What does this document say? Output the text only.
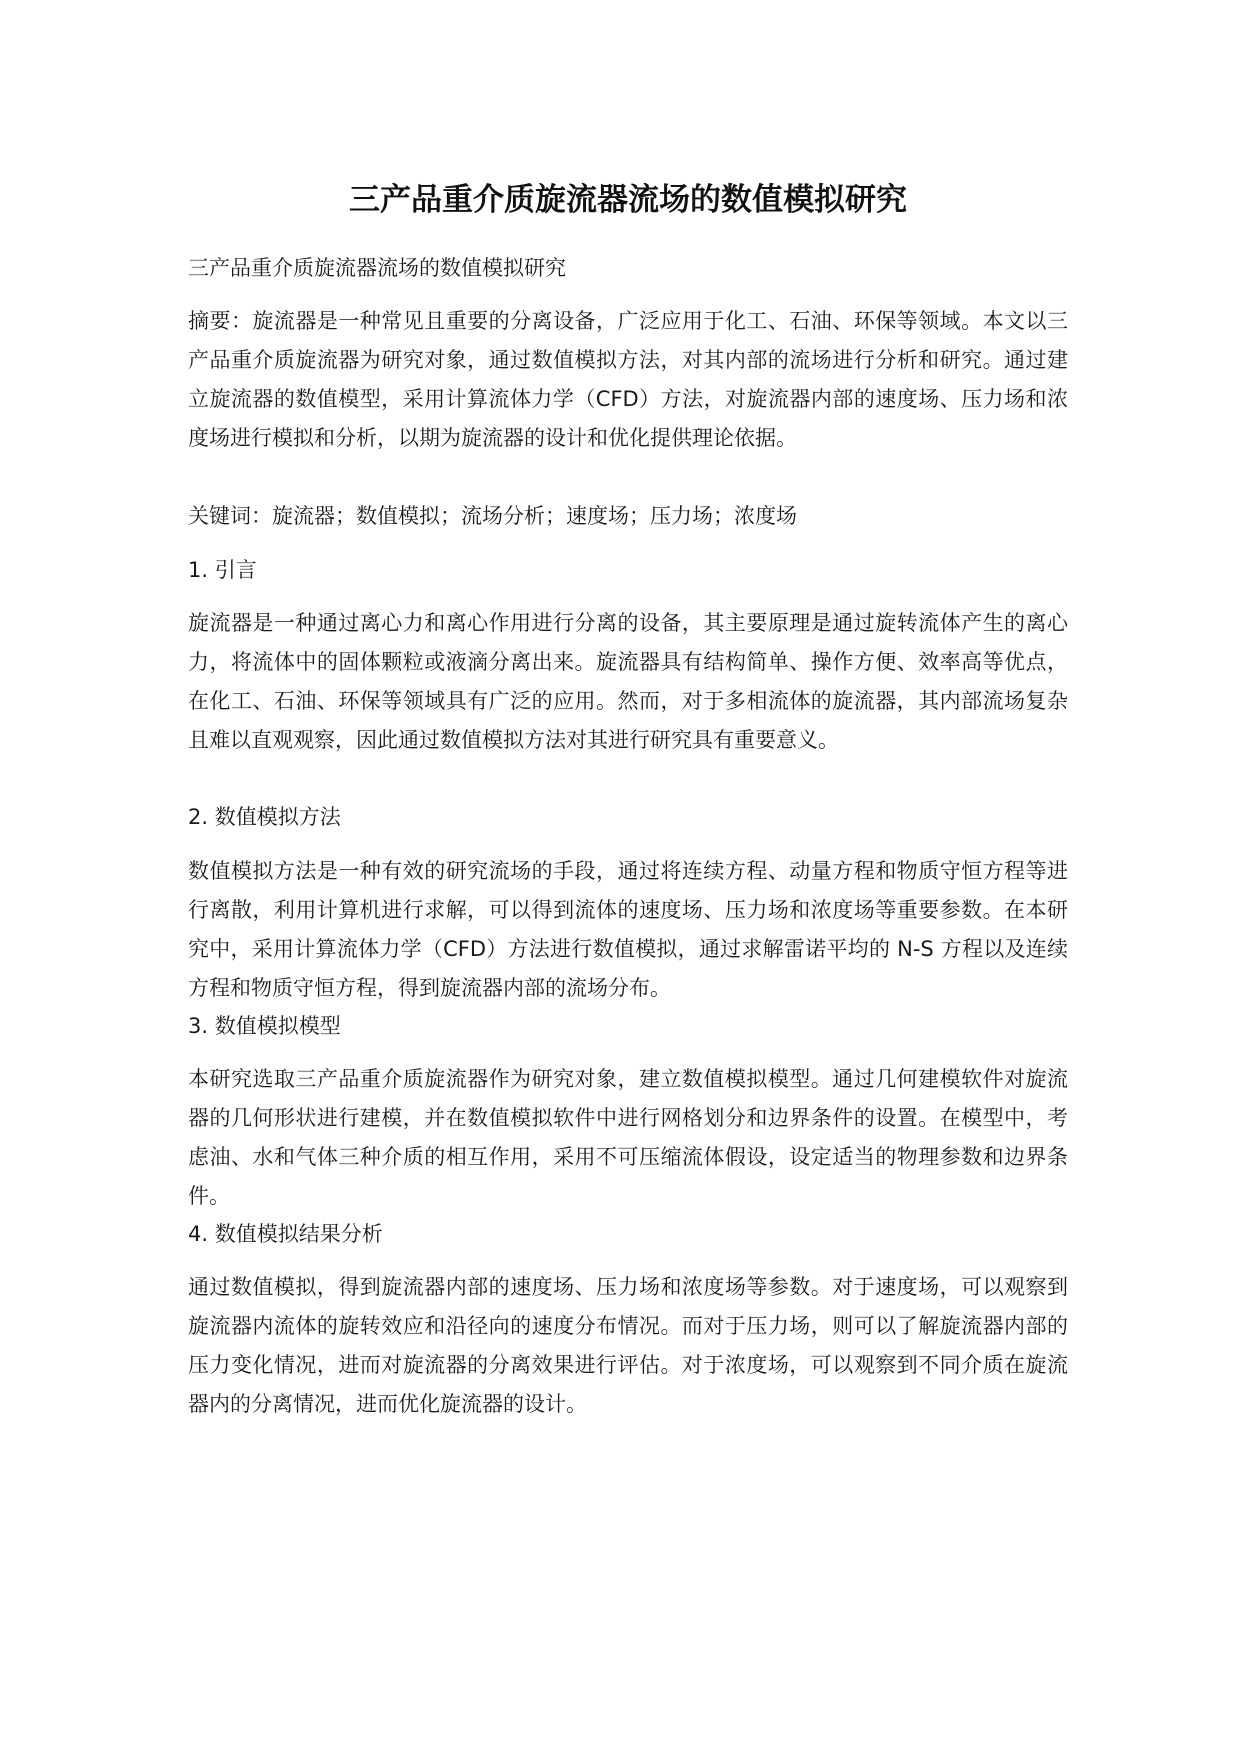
三产品重介质旋流器流场的数值模拟研究

三产品重介质旋流器流场的数值模拟研究

摘要：旋流器是一种常见且重要的分离设备，广泛应用于化工、石油、环保等领域。本文以三产品重介质旋流器为研究对象，通过数值模拟方法，对其内部的流场进行分析和研究。通过建立旋流器的数值模型，采用计算流体力学（CFD）方法，对旋流器内部的速度场、压力场和浓度场进行模拟和分析，以期为旋流器的设计和优化提供理论依据。

关键词：旋流器；数值模拟；流场分析；速度场；压力场；浓度场

1. 引言

旋流器是一种通过离心力和离心作用进行分离的设备，其主要原理是通过旋转流体产生的离心力，将流体中的固体颗粒或液滴分离出来。旋流器具有结构简单、操作方便、效率高等优点，在化工、石油、环保等领域具有广泛的应用。然而，对于多相流体的旋流器，其内部流场复杂且难以直观观察，因此通过数值模拟方法对其进行研究具有重要意义。

2. 数值模拟方法

数值模拟方法是一种有效的研究流场的手段，通过将连续方程、动量方程和物质守恒方程等进行离散，利用计算机进行求解，可以得到流体的速度场、压力场和浓度场等重要参数。在本研究中，采用计算流体力学（CFD）方法进行数值模拟，通过求解雷诺平均的 N-S 方程以及连续方程和物质守恒方程，得到旋流器内部的流场分布。

3. 数值模拟模型

本研究选取三产品重介质旋流器作为研究对象，建立数值模拟模型。通过几何建模软件对旋流器的几何形状进行建模，并在数值模拟软件中进行网格划分和边界条件的设置。在模型中，考虑油、水和气体三种介质的相互作用，采用不可压缩流体假设，设定适当的物理参数和边界条件。

4. 数值模拟结果分析

通过数值模拟，得到旋流器内部的速度场、压力场和浓度场等参数。对于速度场，可以观察到旋流器内流体的旋转效应和沿径向的速度分布情况。而对于压力场，则可以了解旋流器内部的压力变化情况，进而对旋流器的分离效果进行评估。对于浓度场，可以观察到不同介质在旋流器内的分离情况，进而优化旋流器的设计。
